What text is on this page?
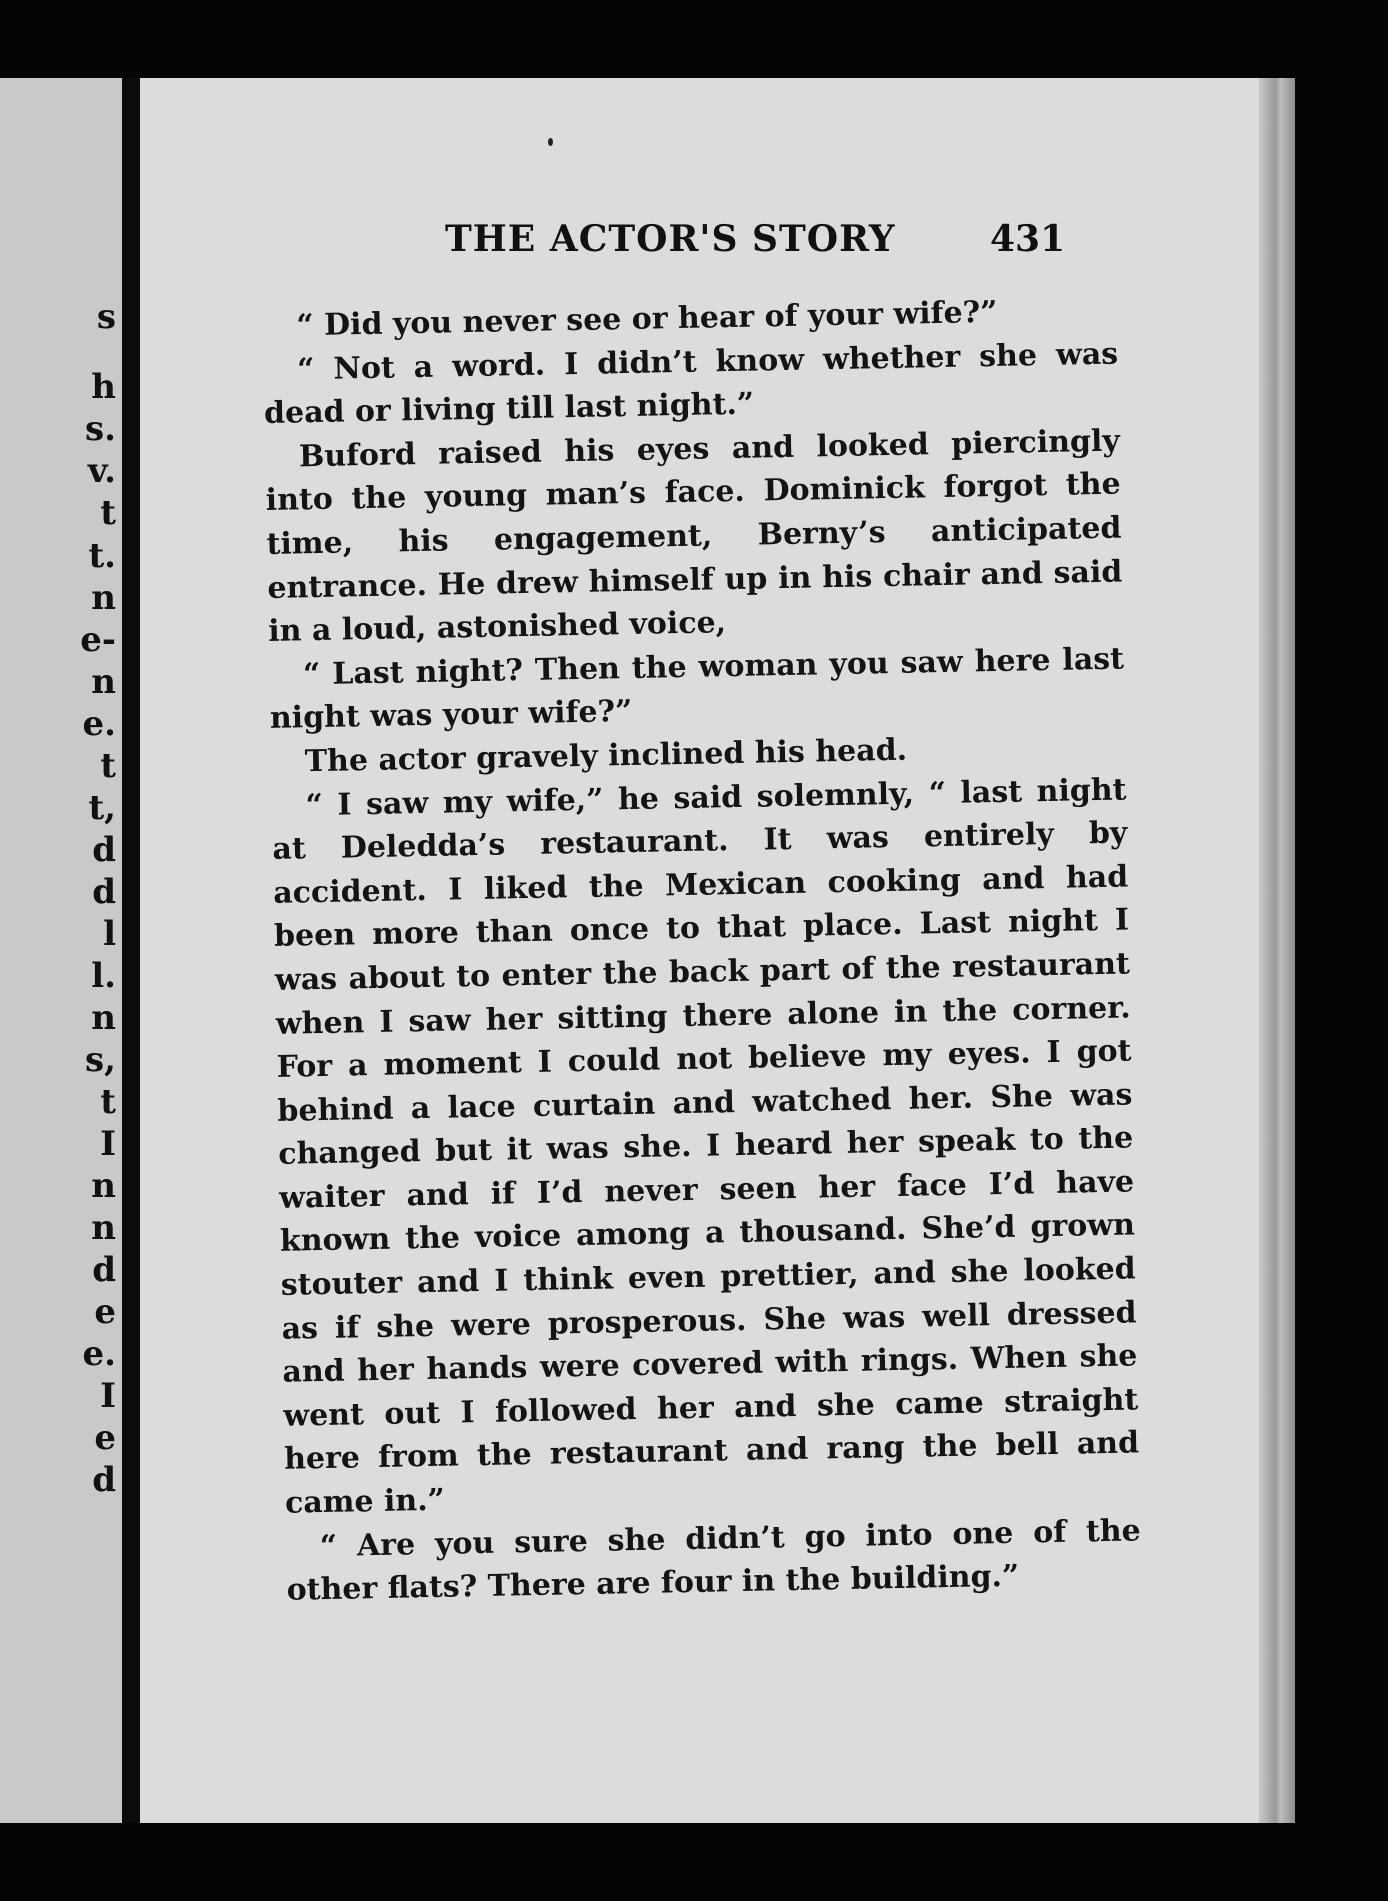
s
h
s.
v.
t
t.
n
e-
n
e.
t
t,
d
d
l
l.
n
s,
t
I
n
n
d
e
e.
I
e
d
THE ACTOR'S STORY	431

“ Did you never see or hear of your wife?”

“ Not a word. I didn’t know whether she was dead or living till last night.”

Buford raised his eyes and looked piercingly into the young man’s face. Dominick forgot the time, his engagement, Berny’s anticipated entrance. He drew himself up in his chair and said in a loud, astonished voice,

“ Last night? Then the woman you saw here last night was your wife?”

The actor gravely inclined his head.

“ I saw my wife,” he said solemnly, “ last night at Deledda’s restaurant. It was entirely by accident. I liked the Mexican cooking and had been more than once to that place. Last night I was about to enter the back part of the restaurant when I saw her sitting there alone in the corner. For a moment I could not believe my eyes. I got behind a lace curtain and watched her. She was changed but it was she. I heard her speak to the waiter and if I’d never seen her face I’d have known the voice among a thousand. She’d grown stouter and I think even prettier, and she looked as if she were prosperous. She was well dressed and her hands were covered with rings. When she went out I followed her and she came straight here from the restaurant and rang the bell and came in.”

“ Are you sure she didn’t go into one of the other flats? There are four in the building.”
